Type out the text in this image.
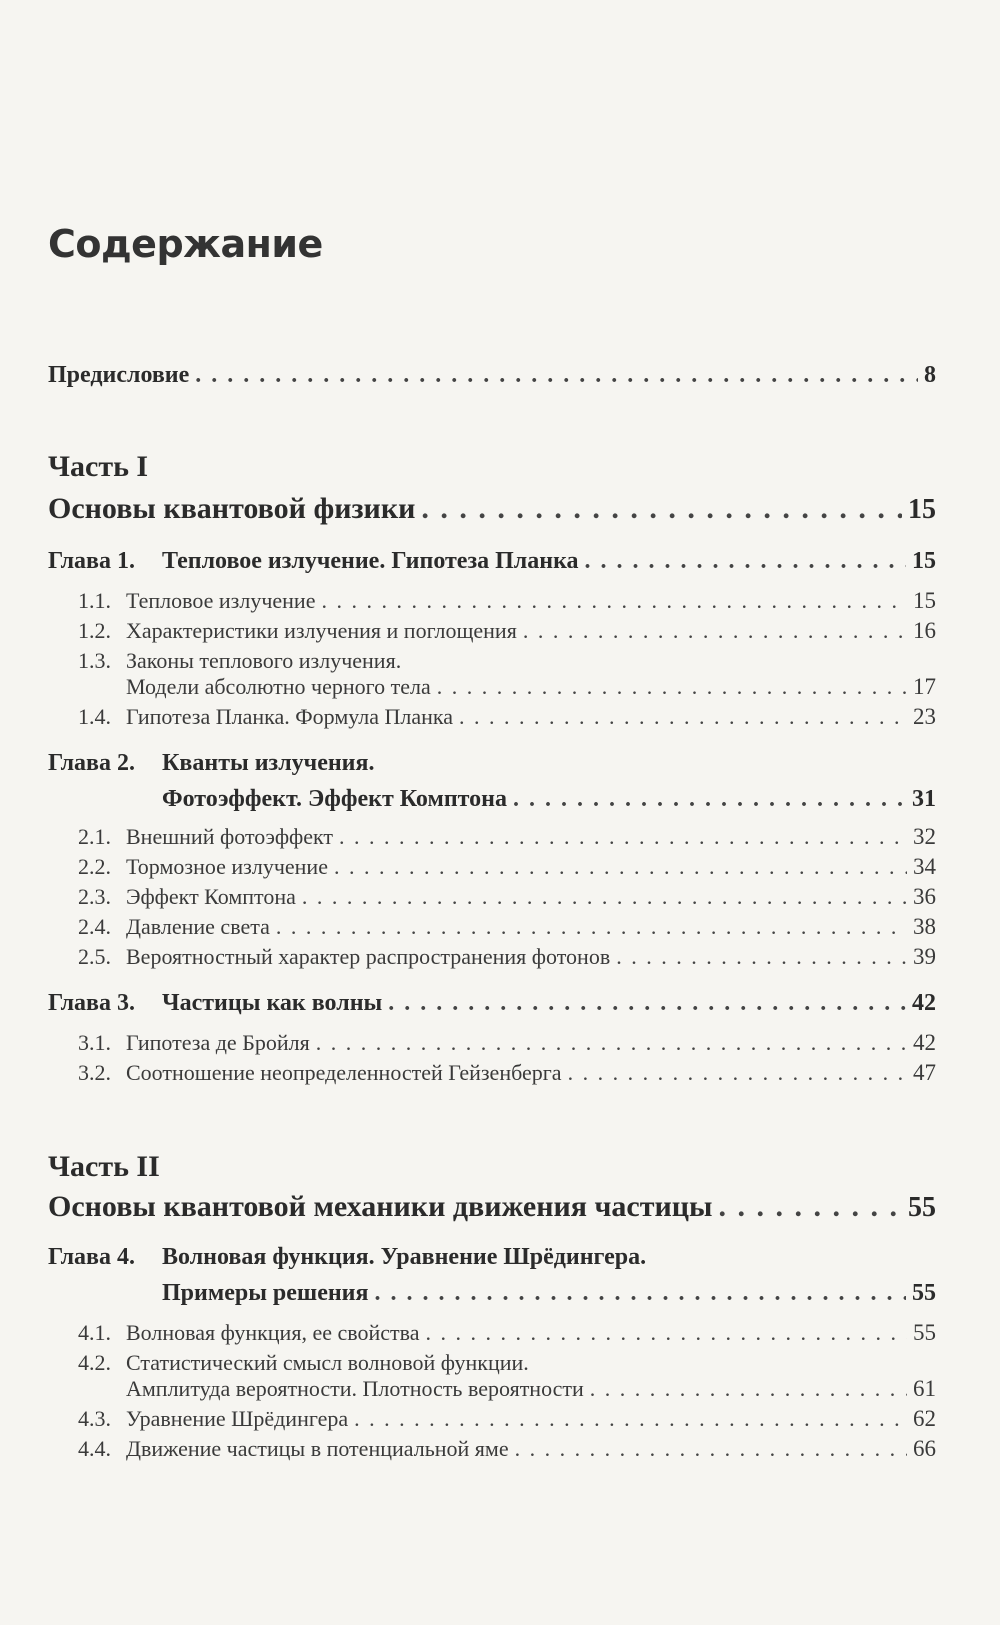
Содержание
Предисловие . . .	8
Часть I
Основы квантовой физики . . .	15
Глава 1. Тепловое излучение. Гипотеза Планка . . .	15
1.1. Тепловое излучение . . .	15
1.2. Характеристики излучения и поглощения . . .	16
1.3. Законы теплового излучения.
Модели абсолютно черного тела . . .	17
1.4. Гипотеза Планка. Формула Планка . . .	23
Глава 2. Кванты излучения.
Фотоэффект. Эффект Комптона . . .	31
2.1. Внешний фотоэффект . . .	32
2.2. Тормозное излучение . . .	34
2.3. Эффект Комптона . . .	36
2.4. Давление света . . .	38
2.5. Вероятностный характер распространения фотонов . . .	39
Глава 3. Частицы как волны . . .	42
3.1. Гипотеза де Бройля . . .	42
3.2. Соотношение неопределенностей Гейзенберга . . .	47
Часть II
Основы квантовой механики движения частицы . . .	55
Глава 4. Волновая функция. Уравнение Шрёдингера.
Примеры решения . . .	55
4.1. Волновая функция, ее свойства . . .	55
4.2. Статистический смысл волновой функции.
Амплитуда вероятности. Плотность вероятности . . .	61
4.3. Уравнение Шрёдингера . . .	62
4.4. Движение частицы в потенциальной яме . . .	66
